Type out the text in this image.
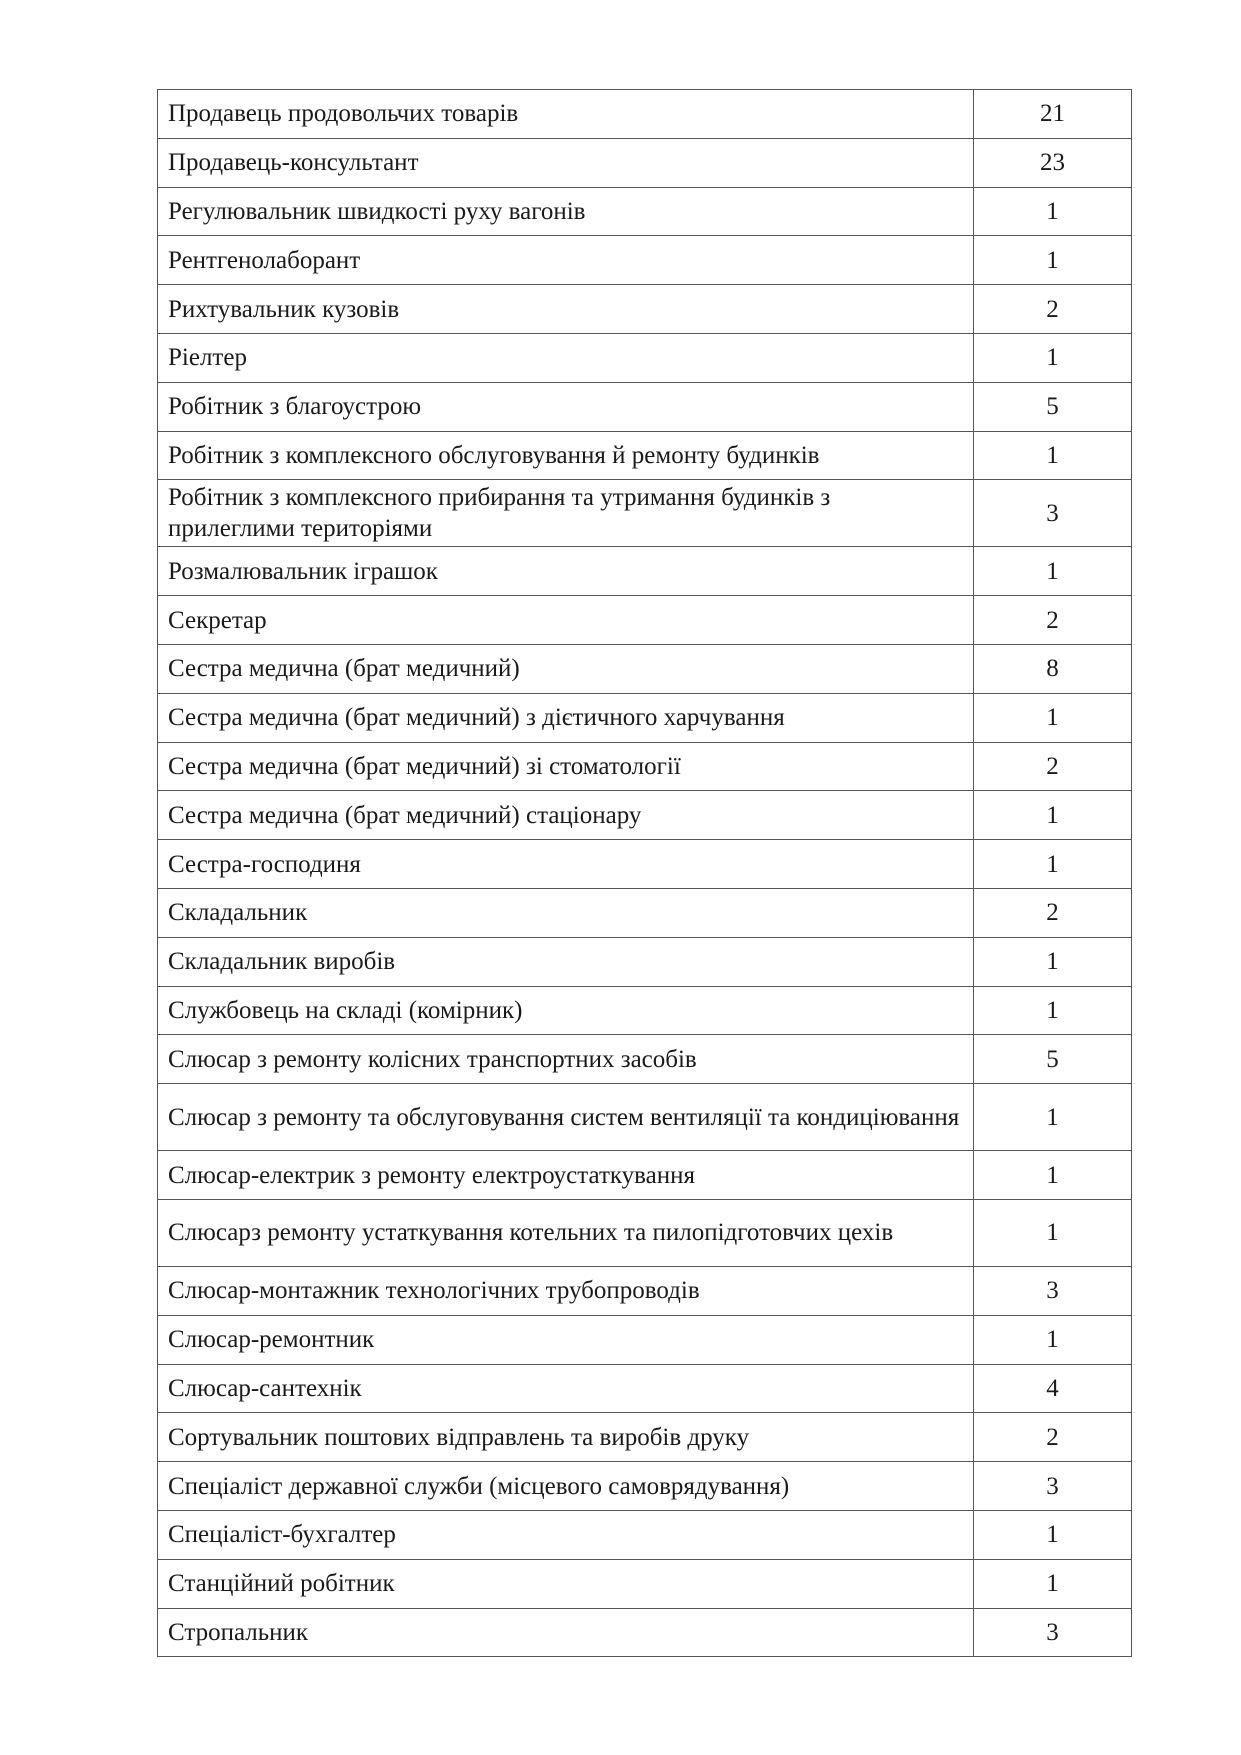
Продавець продовольчих товарів	21
Продавець-консультант	23
Регулювальник швидкості руху вагонів	1
Рентгенолаборант	1
Рихтувальник кузовів	2
Ріелтер	1
Робітник з благоустрою	5
Робітник з комплексного обслуговування й ремонту будинків	1
Робітник з комплексного прибирання та утримання будинків з прилеглими територіями	3
Розмалювальник іграшок	1
Секретар	2
Сестра медична (брат медичний)	8
Сестра медична (брат медичний) з дієтичного харчування	1
Сестра медична (брат медичний) зі стоматології	2
Сестра медична (брат медичний) стаціонару	1
Сестра-господиня	1
Складальник	2
Складальник виробів	1
Службовець на складі (комірник)	1
Слюсар з ремонту колісних транспортних засобів	5
Слюсар з ремонту та обслуговування систем вентиляції та кондиціювання	1
Слюсар-електрик з ремонту електроустаткування	1
Слюсарз ремонту устаткування котельних та пилопідготовчих цехів	1
Слюсар-монтажник технологічних трубопроводів	3
Слюсар-ремонтник	1
Слюсар-сантехнік	4
Сортувальник поштових відправлень та виробів друку	2
Спеціаліст державної служби (місцевого самоврядування)	3
Спеціаліст-бухгалтер	1
Станційний робітник	1
Стропальник	3
